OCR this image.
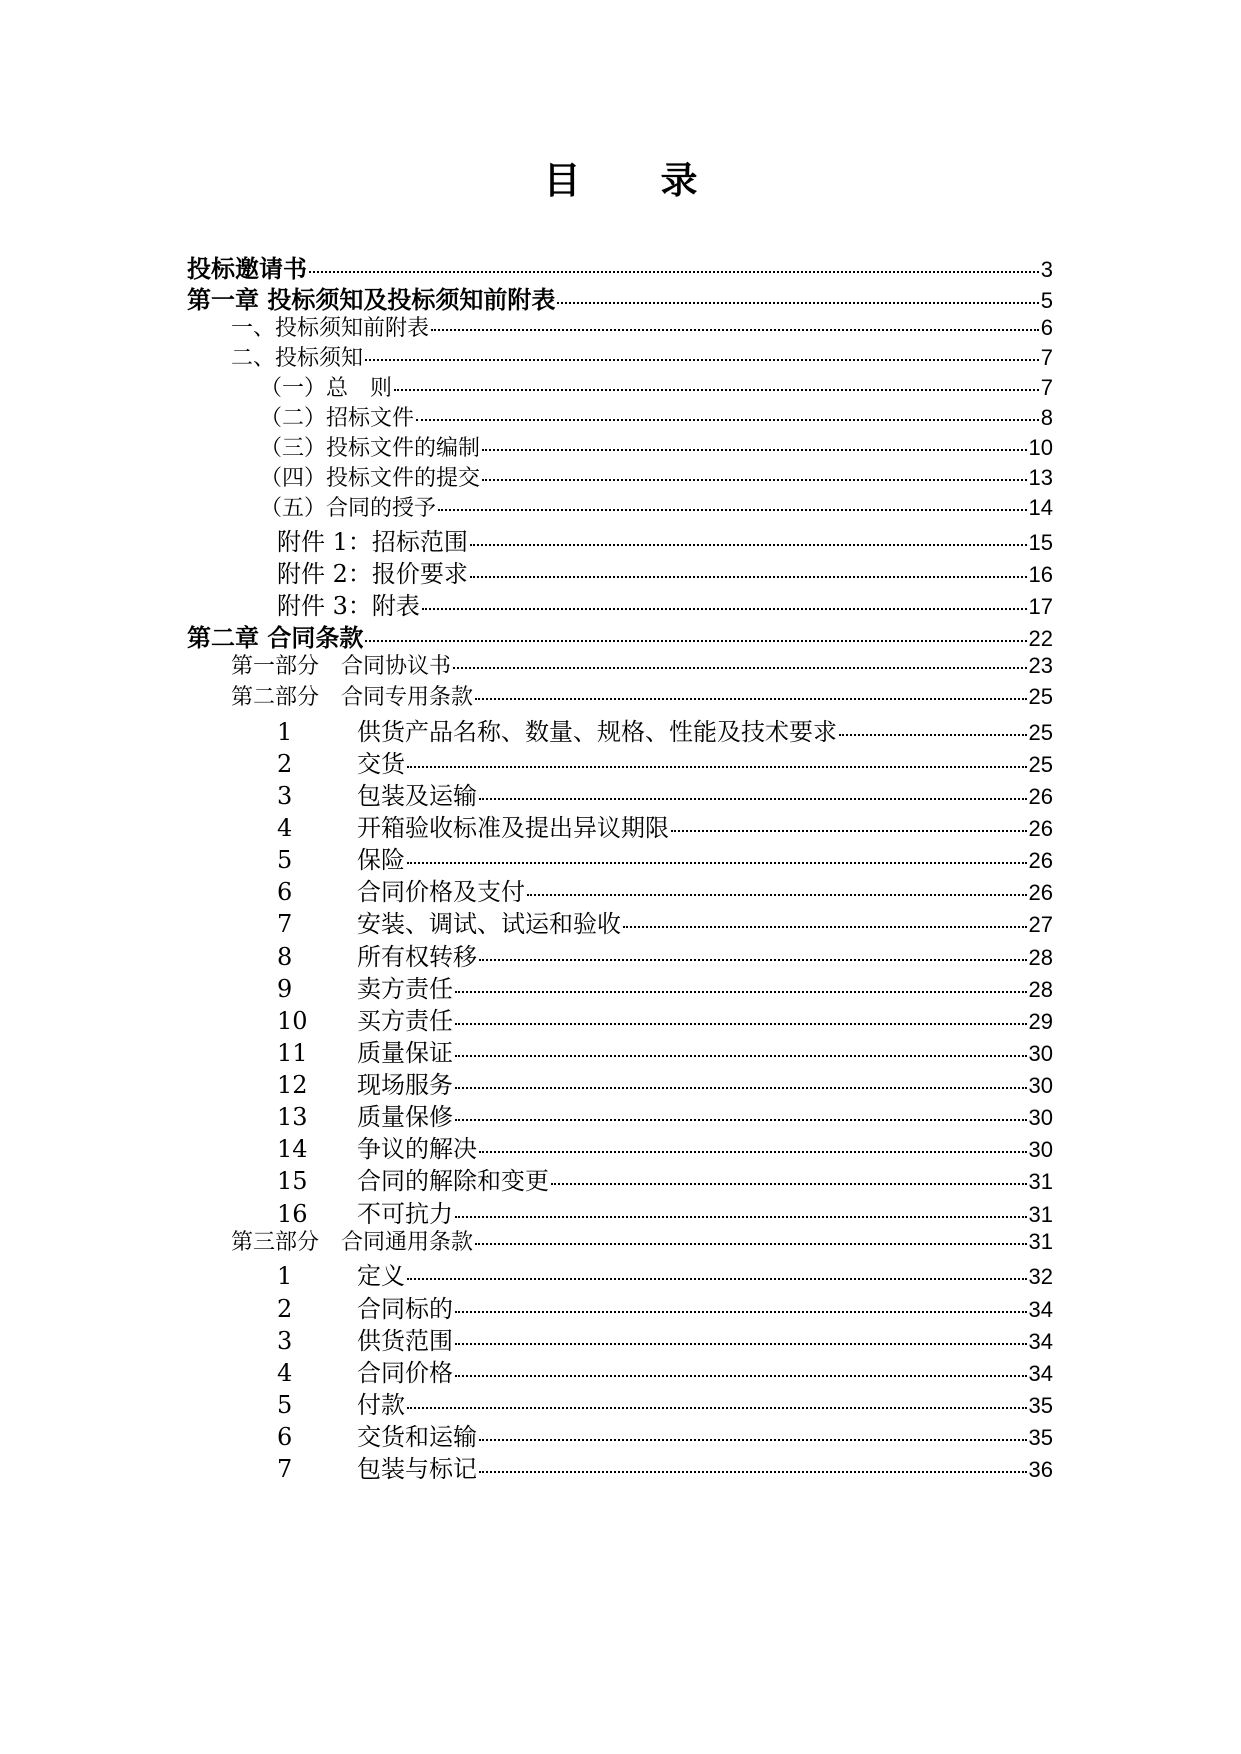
目 录
投标邀请书	3
第一章 投标须知及投标须知前附表	5
一、投标须知前附表	6
二、投标须知	7
（一）总　则	7
（二）招标文件	8
（三）投标文件的编制	10
（四）投标文件的提交	13
（五）合同的授予	14
附件 1：招标范围	15
附件 2：报价要求	16
附件 3：附表	17
第二章 合同条款	22
第一部分　合同协议书	23
第二部分　合同专用条款	25
1	供货产品名称、数量、规格、性能及技术要求	25
2	交货	25
3	包装及运输	26
4	开箱验收标准及提出异议期限	26
5	保险	26
6	合同价格及支付	26
7	安装、调试、试运和验收	27
8	所有权转移	28
9	卖方责任	28
10 买方责任	29
11 质量保证	30
12 现场服务	30
13 质量保修	30
14 争议的解决	30
15 合同的解除和变更	31
16 不可抗力	31
第三部分　合同通用条款	31
1	定义	32
2	合同标的	34
3	供货范围	34
4	合同价格	34
5	付款	35
6	交货和运输	35
7	包装与标记	36
